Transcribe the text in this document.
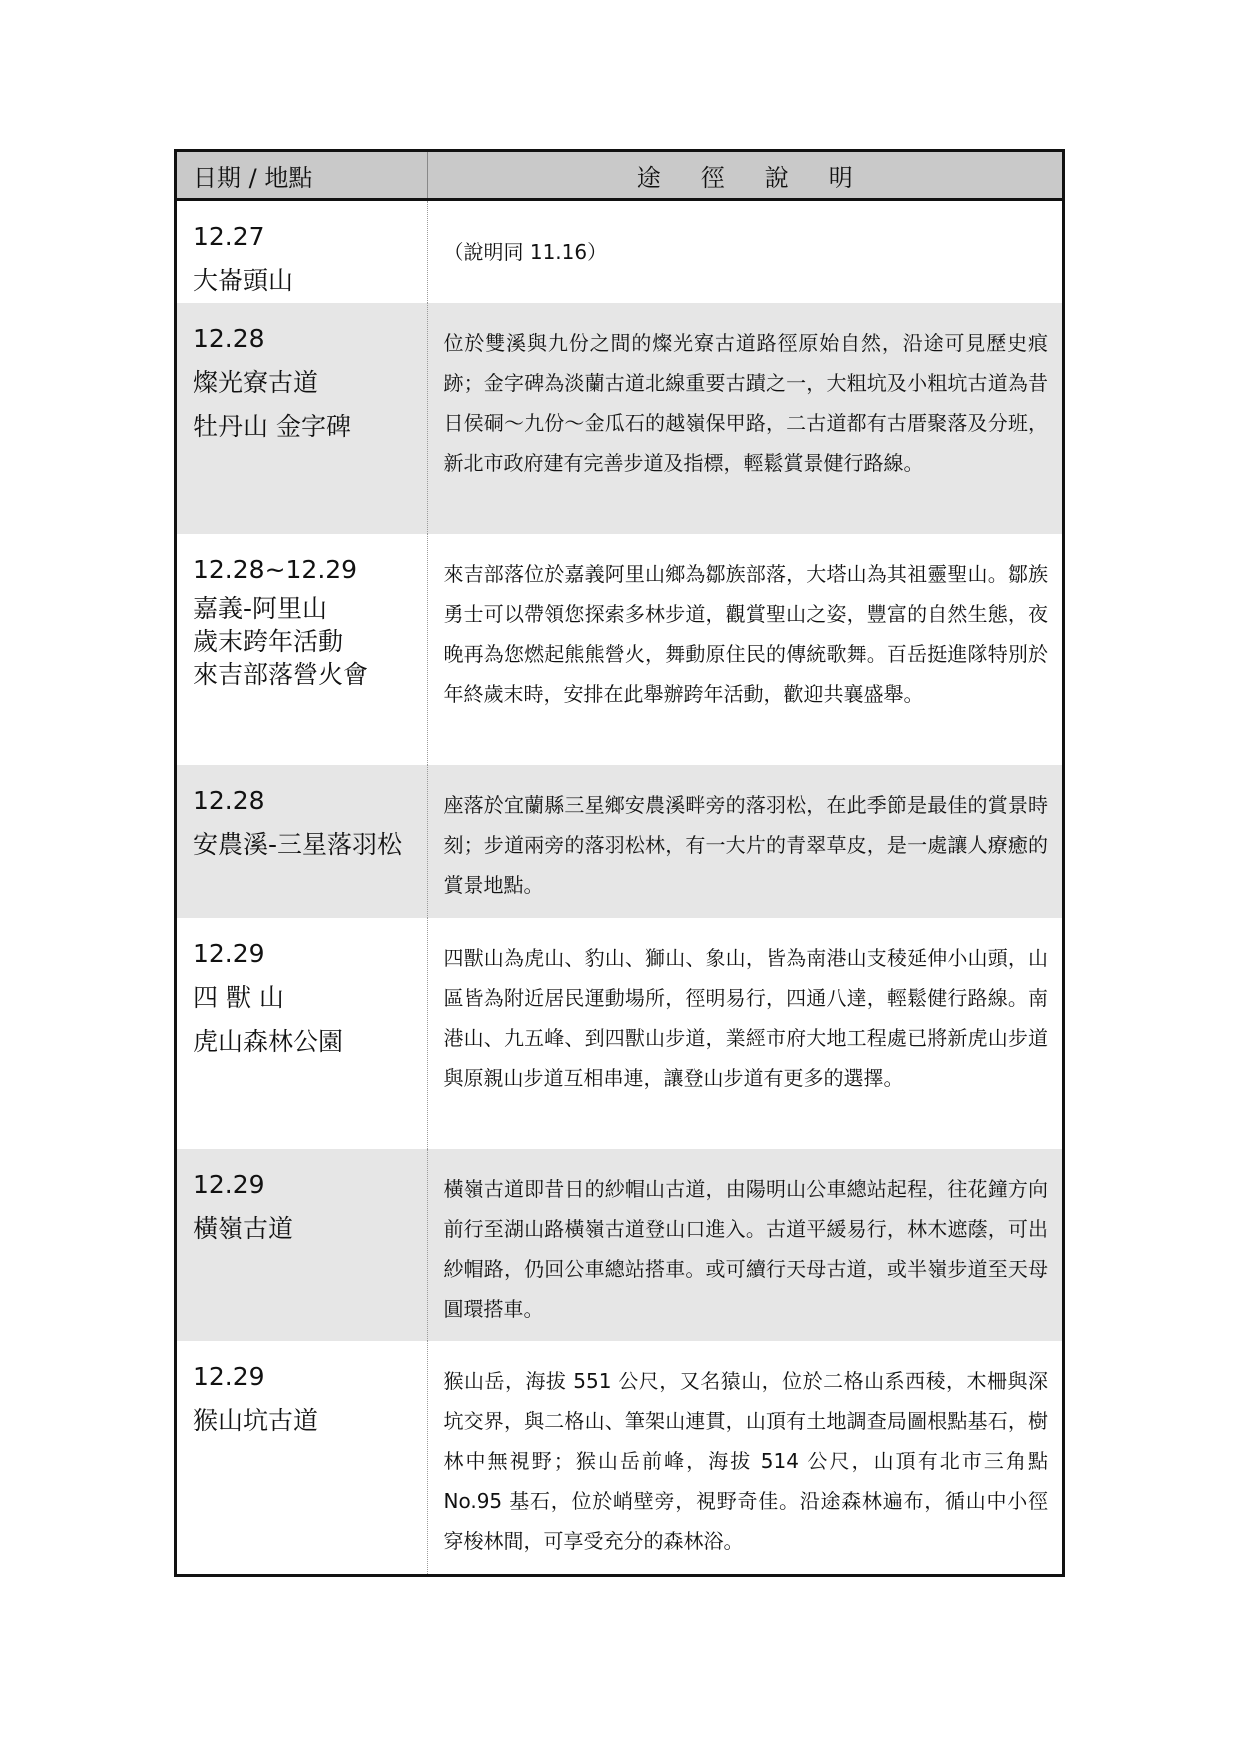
日期 / 地點	途徑說明

12.27
大崙頭山	（說明同 11.16）

12.28
燦光寮古道
牡丹山 金字碑	位於雙溪與九份之間的燦光寮古道路徑原始自然，沿途可見歷史痕跡；金字碑為淡蘭古道北線重要古蹟之一，大粗坑及小粗坑古道為昔日侯硐～九份～金瓜石的越嶺保甲路，二古道都有古厝聚落及分班，新北市政府建有完善步道及指標，輕鬆賞景健行路線。

12.28~12.29
嘉義-阿里山
歲末跨年活動
來吉部落營火會	來吉部落位於嘉義阿里山鄉為鄒族部落，大塔山為其祖靈聖山。鄒族勇士可以帶領您探索多林步道，觀賞聖山之姿，豐富的自然生態，夜晚再為您燃起熊熊營火，舞動原住民的傳統歌舞。百岳挺進隊特別於年終歲末時，安排在此舉辦跨年活動，歡迎共襄盛舉。

12.28
安農溪-三星落羽松	座落於宜蘭縣三星鄉安農溪畔旁的落羽松，在此季節是最佳的賞景時刻；步道兩旁的落羽松林，有一大片的青翠草皮，是一處讓人療癒的賞景地點。

12.29
四 獸 山
虎山森林公園	四獸山為虎山、豹山、獅山、象山，皆為南港山支稜延伸小山頭，山區皆為附近居民運動場所，徑明易行，四通八達，輕鬆健行路線。南港山、九五峰、到四獸山步道，業經市府大地工程處已將新虎山步道與原親山步道互相串連，讓登山步道有更多的選擇。

12.29
橫嶺古道	橫嶺古道即昔日的紗帽山古道，由陽明山公車總站起程，往花鐘方向前行至湖山路橫嶺古道登山口進入。古道平緩易行，林木遮蔭，可出紗帽路，仍回公車總站搭車。或可續行天母古道，或半嶺步道至天母圓環搭車。

12.29
猴山坑古道	猴山岳，海拔 551 公尺，又名猿山，位於二格山系西稜，木柵與深坑交界，與二格山、筆架山連貫，山頂有土地調查局圖根點基石，樹林中無視野；猴山岳前峰，海拔 514 公尺，山頂有北市三角點 No.95 基石，位於峭壁旁，視野奇佳。沿途森林遍布，循山中小徑穿梭林間，可享受充分的森林浴。
